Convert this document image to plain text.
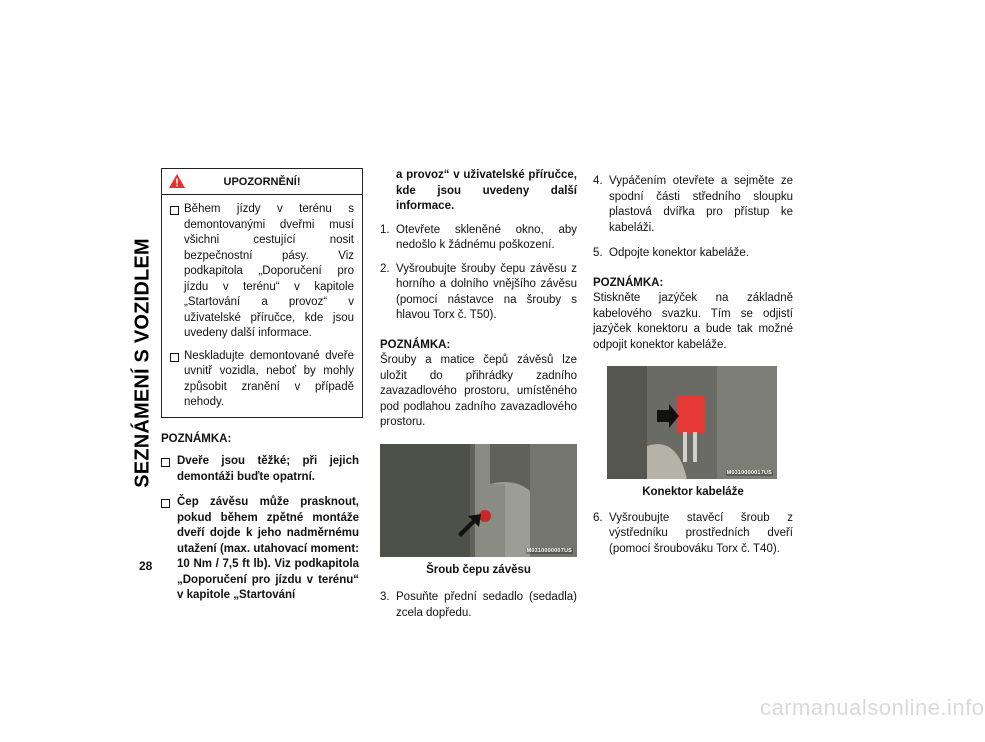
SEZNÁMENÍ S VOZIDLEM
28
UPOZORNĚNÍ!
Během jízdy v terénu s demontovanými dveřmi musí všichni cestující nosit bezpečnostní pásy. Viz podkapitola „Doporučení pro jízdu v terénu“ v kapitole „Startování a provoz“ v uživatelské příručce, kde jsou uvedeny další informace.
Neskladujte demontované dveře uvnitř vozidla, neboť by mohly způsobit zranění v případě nehody.
POZNÁMKA:
Dveře jsou těžké; při jejich demontáži buďte opatrní.
Čep závěsu může prasknout, pokud během zpětné montáže dveří dojde k jeho nadměrnému utažení (max. utahovací moment: 10 Nm / 7,5 ft lb). Viz podkapitola „Doporučení pro jízdu v terénu“ v kapitole „Startování
a provoz“ v uživatelské příručce, kde jsou uvedeny další informace.
1. Otevřete skleněné okno, aby nedošlo k žádnému poškození.
2. Vyšroubujte šrouby čepu závěsu z horního a dolního vnějšího závěsu (pomocí nástavce na šrouby s hlavou Torx č. T50).
POZNÁMKA:
Šrouby a matice čepů závěsů lze uložit do přihrádky zadního zavazadlového prostoru, umístěného pod podlahou zadního zavazadlového prostoru.
M0310000007US
Šroub čepu závěsu
3. Posuňte přední sedadlo (sedadla) zcela dopředu.
4. Vypáčením otevřete a sejměte ze spodní části středního sloupku plastová dvířka pro přístup ke kabeláži.
5. Odpojte konektor kabeláže.
POZNÁMKA:
Stiskněte jazýček na základně kabelového svazku. Tím se odjistí jazýček konektoru a bude tak možné odpojit konektor kabeláže.
M0310000017US
Konektor kabeláže
6. Vyšroubujte stavěcí šroub z výstředníku prostředních dveří (pomocí šroubováku Torx č. T40).
carmanualsonline.info
